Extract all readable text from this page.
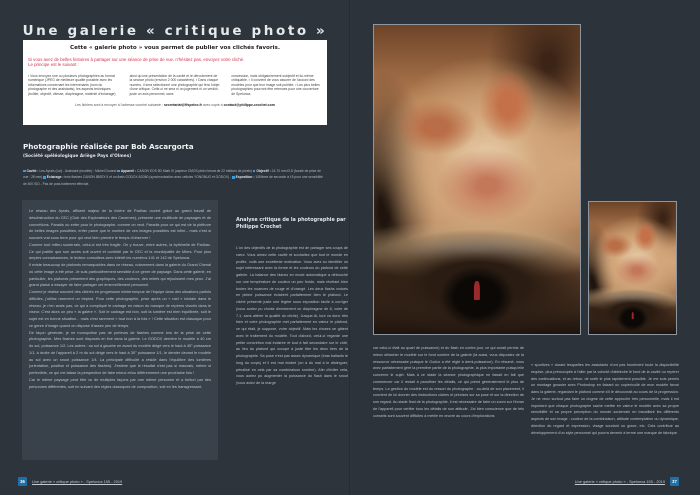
Une galerie « critique photo »
Cette « galerie photo » vous permet de publier vos clichés favoris.
Si vous avez de belles histoires à partager sur une séance de prise de vue, n'hésitez pas, envoyez votre cliché.
Le principe est le suivant :
▪ Vous envoyez une ou plusieurs photographies au format numérique (JPEG de meilleure qualité possible avec les informations concernant les intervenants (nom du photographe et des assistants), les aspects techniques (boîtier, objectif, vitesse, diaphragme, matériel d'éclairage)
ainsi qu'une présentation de la cavité et le déroulement de la séance photo (environ 2 000 caractères). ▪ Dans chaque numéro, il sera sélectionné une photographie qui fera l'objet d'une critique. Celle-ci ne sera ni un jugement ni un verdict, juste un avis personnel, sans
concession, mais obligatoirement subjectif et lui-même critiquable. ▪ Il convient de vous assurer de l'accord des modèles pour que leur image soit publiée. ▪ Les plus belles photographies pourront être retenues pour une couverture de Spelunca.
Les fichiers sont à envoyer à l'adresse courriel suivante : secretariat@ffspeleo.fr avec copie à contact@philippe-crochet.com
Photographie réalisée par Bob Ascargorta
(Société spéléologique Ariège Pays d'Olmes)
Cavité : Les Ayrals (Lot) - Assistant (modèle) : Michel Durand Appareil : CANON EOS 5D Mark III (capteur CMOS plein format de 22 millions de pixels) Objectif : 24-70 mm f2,8 (focale de prise de vue : 28 mm) Éclairage : trois flashes CANON 580EX II et un flash GODOX AD360 (synchronisation avec cellules YONGNUO et GODOX) - Exposition : 1/80ème de seconde à f 8 pour une sensibilité de 400 ISO - Pas de post-traitement effectué.

Le réseau des Ayrals, affluent majeur de la rivière de Padirac ouvert grâce au grand travail de désobstruction du CEC (Club des Explorateurs des Cavernes), présente une multitude de paysages et de concrétions. Paradis ou enfer pour le photographe, comme on veut. Paradis pour ce qui est de la pléthore de belles images possibles, enfer parce que le nombre de ces images possibles est infini... mais c'est si souvent vrai sous terre pour qui veut bien prendre le temps d'observer !

Comme tout milieu souterrain, celui-ci est très fragile. On y trouve, entre autres, la bythinelle de Padirac. Ce qui justifie que son accès soit ouvert et contrôlé par le CEC et la municipalité de Miers. Pour plus amples connaissances, le lecteur consultera avec intérêt les numéros 141 et 142 de Spelunca.

Il existe beaucoup de plafonds remarquables dans ce réseau, notamment dans la galerie du Grand Chenal où cette image a été prise. Je suis particulièrement sensible à ce genre de paysage. Dans cette galerie, en particulier, les plafonds présentent des graphiques, des couleurs, des reliefs qui réjouissent mes yeux. J'ai grand plaisir à essayer de faire partager cet émerveillement personnel.

Comme je réalise souvent des clichés en progression ininterrompue de l'équipe dans des situations parfois difficiles, j'utilise rarement un trépied. Pour cette photographie, prise après un « raid » lointain dans le réseau, je n'en avais pas, ce qui a compliqué le cadrage en raison du manque de repères visuels dans le viseur. C'est alors un peu « la galère ». Soit le cadrage est bon, soit la lumière est bien équilibrée, soit le sujet est en bonne situation... mais c'est rarement « tout bon à la fois » ! Cette situation est classique pour ce genre d'image quand on dispose d'assez peu de temps.

De façon générale, je ne monopolise pas de porteurs de flashes comme lors de la prise de cette photographie. Mes flashes sont disposés en fixe dans la galerie. Le GODOX derrière le modèle à 40 cm du sol, puissance 1/2. Les autres : au sol à gauche en avant du modèle dirigé vers le haut à 45° puissance 1/1, à droite de l'appareil à 2 m du sol dirigé vers le haut à 30° puissance 1/1, le dernier devant le modèle au sol avec un snoot puissance 1/4. La principale difficulté a résidé dans l'équilibre des lumières (orientation, position et puissance des flashes). J'estime que le résultat n'est pas si mauvais, même si perfectible, ce qui me laisse la perspective de faire mieux et/ou différemment une prochaine fois !

Car le même paysage peut être vu de multiples façons par une même personne et a fortiori par des personnes différentes, soit en suivant des règles classiques de composition, soit en les transgressant.

Analyse critique de la photographie par Philippe Crochet
L'un des objectifs de la photographie est de partager ses coups de cœur. Vous aimez cette cavité et souhaitez que tout le monde en profite, voilà une excellente motivation. Vous avez su identifier un sujet intéressant avec la forme et les couleurs du plafond de cette galerie. La balance des blancs en mode automatique a débouché sur une température de couleur un peu froide, mais révélant bien toutes les nuances de rouge et d'orangé. Les deux flashs croisés en pleine puissance éclairent parfaitement bien le plafond. Le cliché présente juste une légère sous exposition facile à corriger (vous auriez pu choisir directement un diaphragme de 8, voire de 7,1, sans altérer la qualité du cliché). Jusque-là, tout va donc très bien et votre photographie met parfaitement en valeur le plafond, ce qui était, je suppose, votre objectif. Mais les choses se gâtent avec le traitement du modèle. Tout d'abord, celui-ci regarde une petite concrétion mal éclairée et tout à fait secondaire sur le côté, au lieu du plafond qui occupe à juste titre les deux tiers de la photographie. Sa pose n'est pas assez dynamique (bras ballants le long du corps) et il est mal éclairé (on a du mal à le distinguer, pénalisé en cela par sa combinaison sombre). Afin d'éviter cela, vous auriez pu augmenter la puissance du flash dans le snoot (vous aviez de la marge
36	Une galerie « critique photo » - Spelunca 155 - 2019
car celui-ci était au quart de puissance) et du flash en contre-jour, ce qui aurait permis de mieux détacher le modèle sur le fond sombre de la galerie (là aussi, vous disposiez de la ressource nécessaire puisque le Godox a été réglé à demi-puissance). En résumé, vous avez parfaitement géré la première partie de la photographie, la plus importante puisqu'elle concerne le sujet. Mais à ce stade la séance photographique ne faisait en fait que commencer car il restait à peaufiner les détails, ce qui prend généralement le plus de temps. La gestion du modèle est du ressort du photographe : au-delà de son placement, il convient de lui donner des instructions claires et précises sur sa pose et sur la direction de son regard. Au stade final de la photographie, il est nécessaire de faire un zoom sur l'écran de l'appareil pour vérifier tous les détails de son attitude. J'ai bien conscience que de tels conseils sont souvent difficiles à mettre en œuvre au cours d'explorations
« sportives » durant lesquelles les assistants n'ont pas forcément toute la disponibilité requise, plus préoccupés à l'aller par la volonté d'atteindre le fond de la cavité ou repérer des continuations, et au retour, de sortir le plus rapidement possible. Je me suis permis un montage grossier avec Photoshop en faisant un copier/collé de mon modèle favori dans la galerie, regardant le plafond comme s'il le découvrait au cours de la progression. Je ne veux surtout pas faire un dogme de cette approche très personnelle, mais il est important que chaque photographe sache mettre en valeur le modèle avec sa propre sensibilité et sa propre perception du monde souterrain en travaillant les différents aspects de son image : couleur de la combinaison, attitude contemplative ou dynamique, direction du regard et expression, visage souriant ou grave, etc. Cela contribue au développement d'un style personnel qui pourra devenir à terme une marque de fabrique.
Une galerie « critique photo » - Spelunca 155 - 2019	37
